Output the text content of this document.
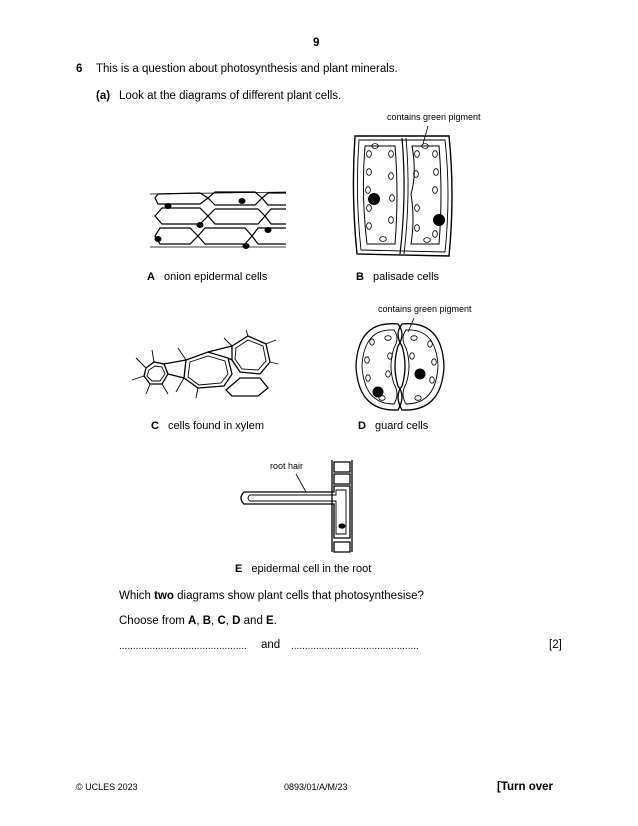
9
6 This is a question about photosynthesis and plant minerals.
(a) Look at the diagrams of different plant cells.
A onion epidermal cells
contains green pigment
B palisade cells
C cells found in xylem
contains green pigment
D guard cells
root hair
E epidermal cell in the root
Which two diagrams show plant cells that photosynthesise?
Choose from A, B, C, D and E.
.............................................. and ..............................................	[2]
© UCLES 2023	0893/01/A/M/23	[Turn over
